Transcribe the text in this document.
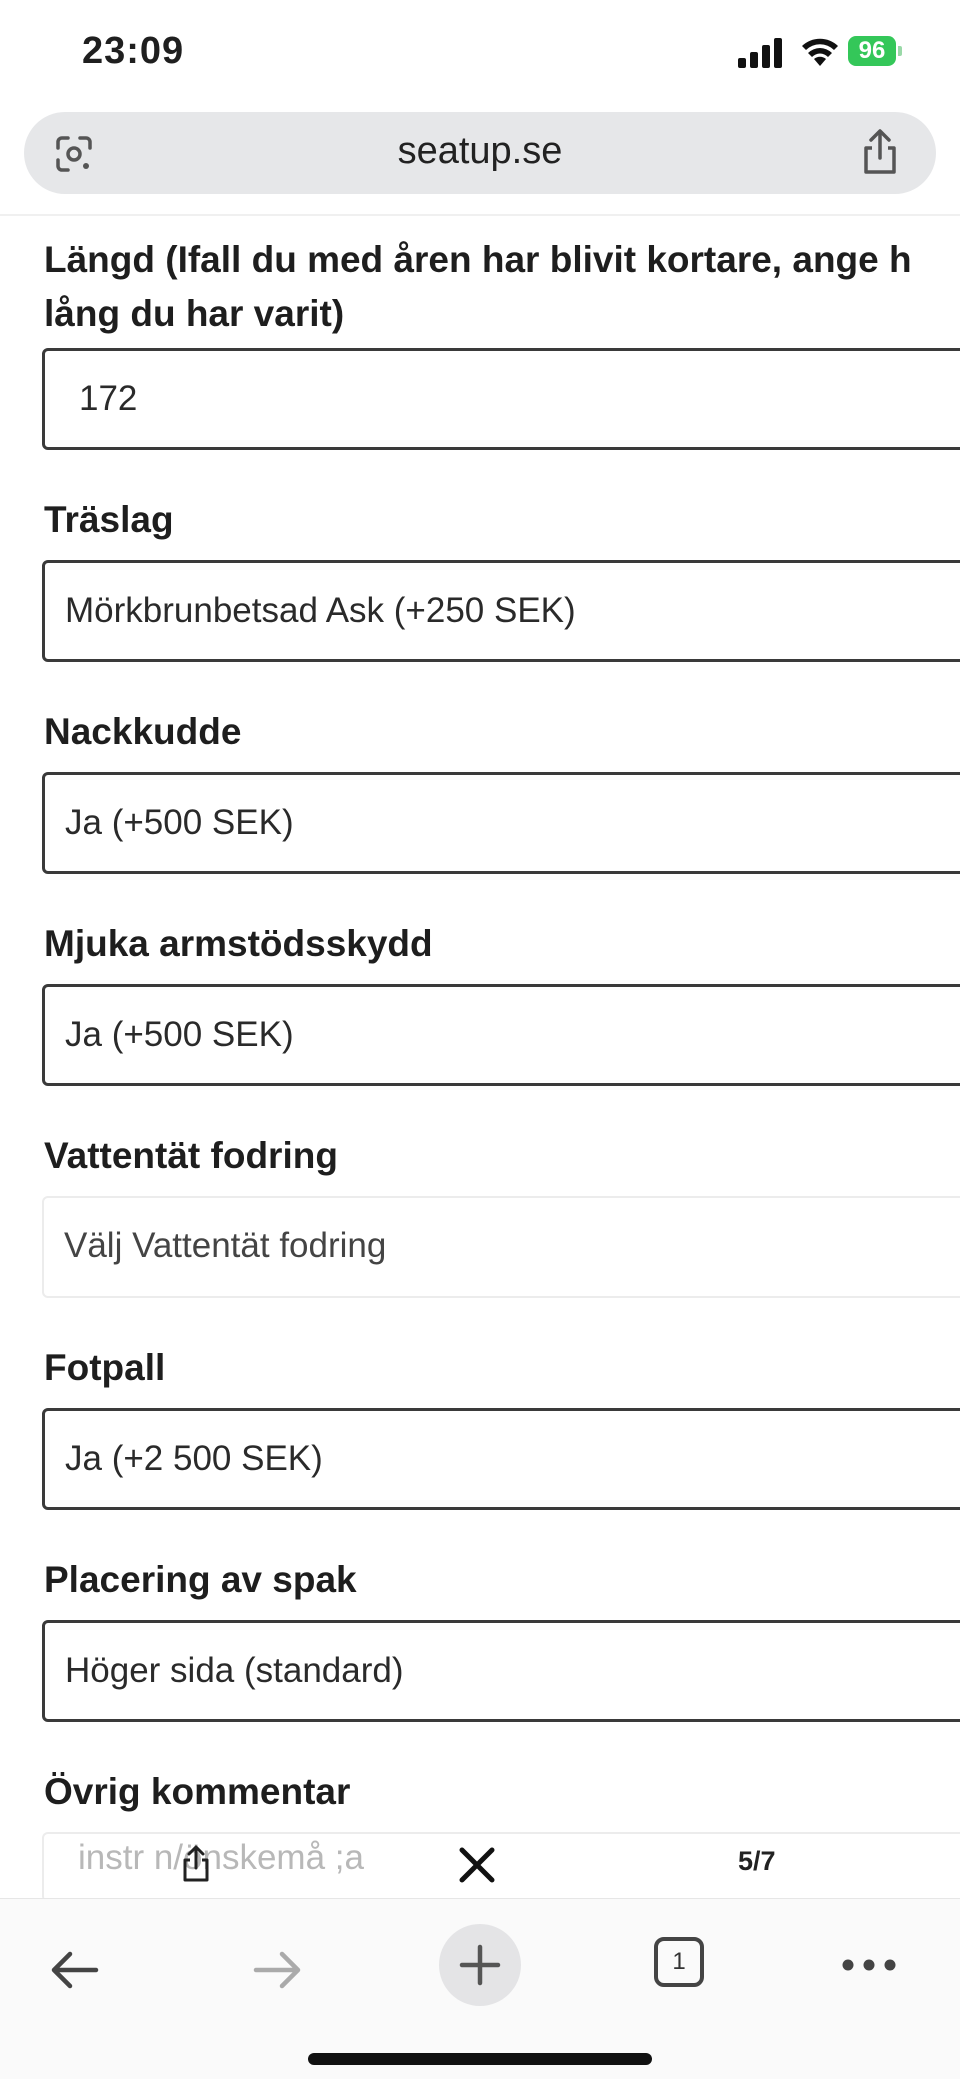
23:09	96
seatup.se
Längd (Ifall du med åren har blivit kortare, ange h
lång du har varit)
172
Träslag
Mörkbrunbetsad Ask (+250 SEK)
Nackkudde
Ja (+500 SEK)
Mjuka armstödsskydd
Ja (+500 SEK)
Vattentät fodring
Välj Vattentät fodring
Fotpall
Ja (+2 500 SEK)
Placering av spak
Höger sida (standard)
Övrig kommentar
instr n/önskemå ;a	5/7
1
